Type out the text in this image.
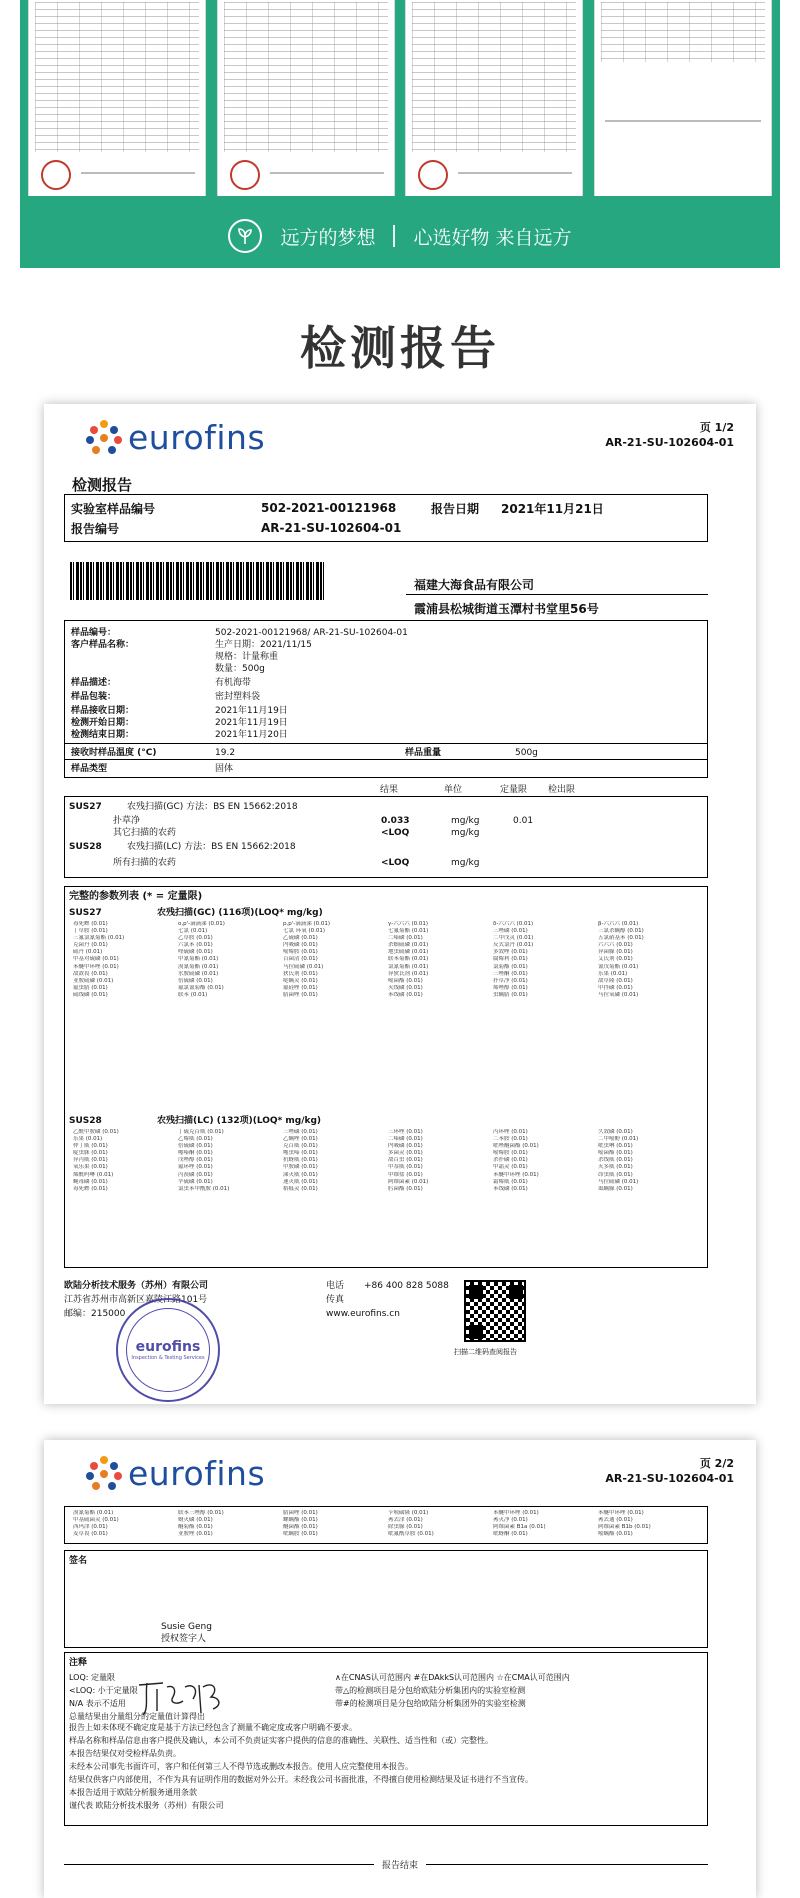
远方的梦想 心选好物 来自远方
检测报告
eurofins	页 1/2
AR-21-SU-102604-01
检测报告
实验室样品编号	502-2021-00121968	报告日期 2021年11月21日
报告编号	AR-21-SU-102604-01
福建大海食品有限公司
霞浦县松城街道玉潭村书堂里56号
样品编号：	502-2021-00121968/ AR-21-SU-102604-01
客户样品名称：	生产日期：2021/11/15
规格：计量称重
数量：500g
样品描述：	有机海带
样品包装：	密封塑料袋
样品接收日期：	2021年11月19日
检测开始日期：	2021年11月19日
检测结束日期：	2021年11月20日
接收时样品温度 (°C)	19.2	样品重量	500g
样品类型	固体
结果	单位	定量限 检出限
SUS27	农残扫描(GC) 方法：BS EN 15662:2018
扑草净	0.033	mg/kg	0.01
其它扫描的农药	<LOQ	mg/kg
SUS28	农残扫描(LC) 方法：BS EN 15662:2018
所有扫描的农药	<LOQ	mg/kg
完整的参数列表 (* = 定量限)
SUS27	农残扫描(GC) (116项)(LOQ* mg/kg)
毒死蜱 (0.01)	o,p'-滴滴涕 (0.01)	p,p'-滴滴涕 (0.01)	γ-六六六 (0.01)	δ-六六六 (0.01)	β-六六六 (0.01)
丁草胺 (0.01)	七氯 (0.01)	七氯 环氧 (0.01)	七氟菊酯 (0.01)	三唑磷 (0.01)	三氯杀螨醇 (0.01)
三氟氯氰菊酯 (0.01)	乙草胺 (0.01)	乙硫磷 (0.01)	二嗪磷 (0.01)	二甲戊灵 (0.01)	五氯硝基苯 (0.01)
克菌丹 (0.01)	六氯苯 (0.01)	内吸磷 (0.01)	杀螟硫磷 (0.01)	反式氯丹 (0.01)	六六六 (0.01)
硫丹 (0.01)	喹硫磷 (0.01)	嘧霉胺 (0.01)	地虫硫磷 (0.01)	多效唑 (0.01)	异菌脲 (0.01)
甲基对硫磷 (0.01)	甲氰菊酯 (0.01)	百菌清 (0.01)	联苯菊酯 (0.01)	腐霉利 (0.01)	艾氏剂 (0.01)
苯醚甲环唑 (0.01)	溴氰菊酯 (0.01)	马拉硫磷 (0.01)	氯氰菊酯 (0.01)	氯菊酯 (0.01)	氰戊菊酯 (0.01)
敌敌畏 (0.01)	水胺硫磷 (0.01)	狄氏剂 (0.01)	异狄氏剂 (0.01)	三唑酮 (0.01)	乐果 (0.01)
亚胺硫磷 (0.01)	倍硫磷 (0.01)	哒螨灵 (0.01)	嘧菌酯 (0.01)	扑草净 (0.01)	敌草隆 (0.01)
氟虫腈 (0.01)	氟氯氰菊酯 (0.01)	氟硅唑 (0.01)	灭线磷 (0.01)	烯唑醇 (0.01)	甲拌磷 (0.01)
硫线磷 (0.01)	联苯 (0.01)	腈菌唑 (0.01)	苯线磷 (0.01)	虫螨腈 (0.01)	马拉氧磷 (0.01)
SUS28	农残扫描(LC) (132项)(LOQ* mg/kg)
乙酰甲胺磷 (0.01)	丁硫克百威 (0.01)	三唑磷 (0.01)	三环唑 (0.01)	丙环唑 (0.01)	久效磷 (0.01)
乐果 (0.01)	乙霉威 (0.01)	乙螨唑 (0.01)	二嗪磷 (0.01)	二苯胺 (0.01)	二甲嘧酚 (0.01)
仲丁威 (0.01)	倍硫磷 (0.01)	克百威 (0.01)	内吸磷 (0.01)	吡唑醚菌酯 (0.01)	吡虫啉 (0.01)
啶虫脒 (0.01)	噻嗪酮 (0.01)	噻虫嗪 (0.01)	多菌灵 (0.01)	嘧霉胺 (0.01)	嘧菌酯 (0.01)
异丙威 (0.01)	戊唑醇 (0.01)	抗蚜威 (0.01)	敌百虫 (0.01)	杀扑磷 (0.01)	杀线威 (0.01)
氧乐果 (0.01)	氟环唑 (0.01)	甲胺磷 (0.01)	甲萘威 (0.01)	甲霜灵 (0.01)	灭多威 (0.01)
烯酰吗啉 (0.01)	丙溴磷 (0.01)	涕灭威 (0.01)	甲维盐 (0.01)	苯醚甲环唑 (0.01)	茚虫威 (0.01)
蝇毒磷 (0.01)	辛硫磷 (0.01)	速灭威 (0.01)	阿维菌素 (0.01)	霜霉威 (0.01)	马拉硫磷 (0.01)
毒死蜱 (0.01)	氯虫苯甲酰胺 (0.01)	稻瘟灵 (0.01)	肟菌酯 (0.01)	苯线磷 (0.01)	虱螨脲 (0.01)
欧陆分析技术服务（苏州）有限公司
江苏省苏州市高新区嘉陵江路101号
邮编：215000
电话 +86 400 828 5088
传真
www.eurofins.cn
扫描二维码查阅报告
eurofins
Inspection & Testing Services
eurofins	页 2/2
AR-21-SU-102604-01
溴氰菊酯 (0.01)	联苯三唑醇 (0.01)	腈菌唑 (0.01)	苄嘧磺隆 (0.01)	苯醚甲环唑 (0.01)	苯醚甲环唑 (0.01)
甲基硫菌灵 (0.01)	蚜灭磷 (0.01)	螺螨酯 (0.01)	莠去津 (0.01)	莠灭净 (0.01)	莠去通 (0.01)
西玛津 (0.01)	醚菊酯 (0.01)	醚菌酯 (0.01)	除虫脲 (0.01)	阿维菌素 B1a (0.01)	阿维菌素 B1b (0.01)
麦草畏 (0.01)	亚胺唑 (0.01)	吡螨胺 (0.01)	吡氟酰草胺 (0.01)	吡蚜酮 (0.01)	嘧螨酯 (0.01)
签名
Susie Geng
授权签字人
注释
LOQ: 定量限
<LOQ: 小于定量限
N/A 表示不适用
总量结果由分量组分的定量值计算得出
∧在CNAS认可范围内 #在DAkkS认可范围内 ☆在CMA认可范围内
带△的检测项目是分包给欧陆分析集团内的实验室检测
带#的检测项目是分包给欧陆分析集团外的实验室检测
报告上如未体现不确定度是基于方法已经包含了测量不确定度或客户明确不要求。
样品名称和样品信息由客户提供及确认，本公司不负责证实客户提供的信息的准确性、关联性、适当性和（或）完整性。
本报告结果仅对受检样品负责。
未经本公司事先书面许可，客户和任何第三人不得节选或删改本报告。使用人应完整使用本报告。
结果仅供客户内部使用，不作为具有证明作用的数据对外公开。未经我公司书面批准，不得擅自使用检测结果及证书进行不当宣传。
本报告适用于欧陆分析服务通用条款
谨代表 欧陆分析技术服务（苏州）有限公司
报告结束
